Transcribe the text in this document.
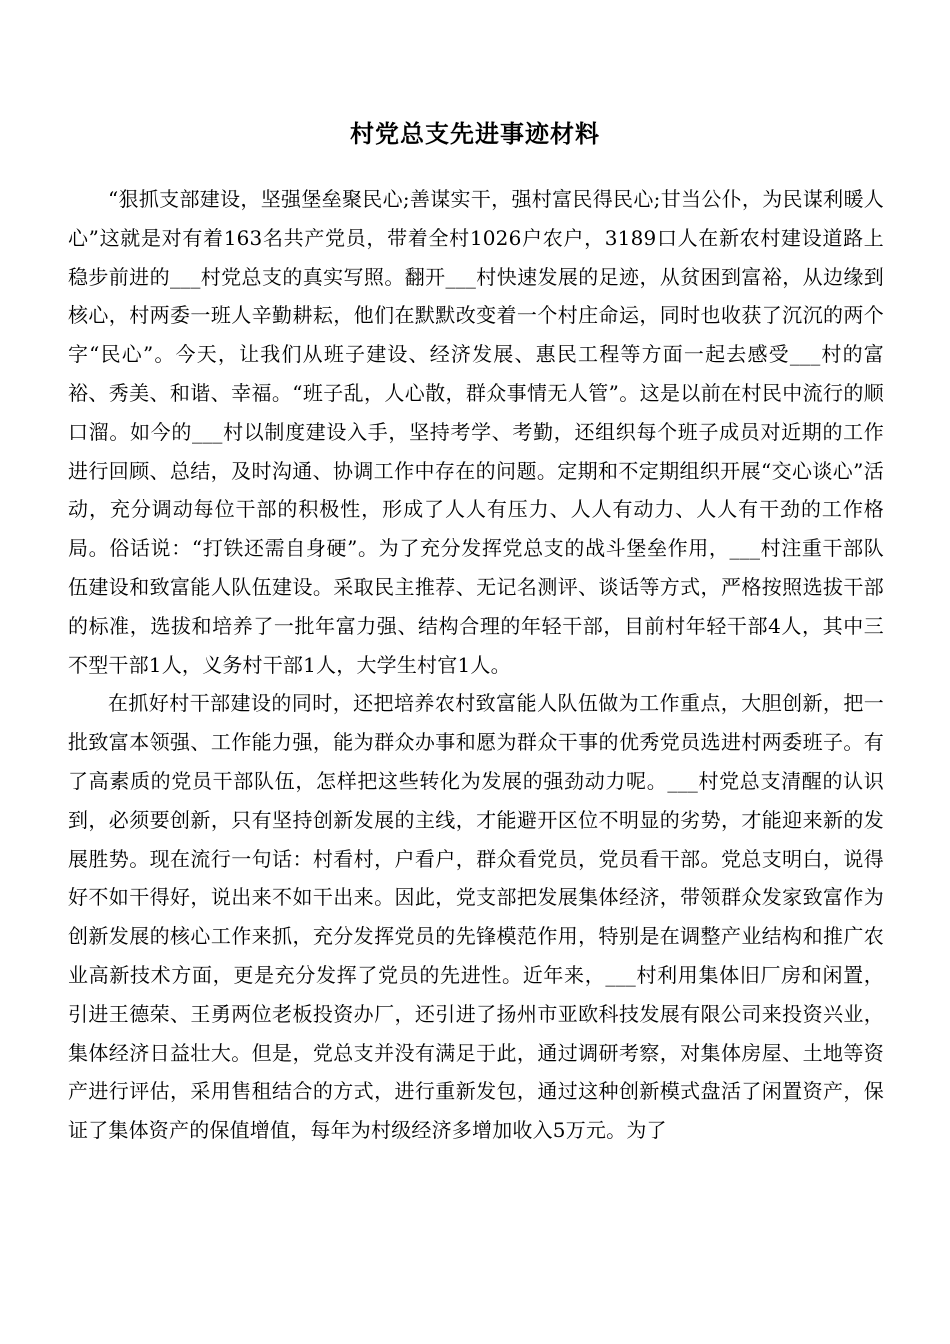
村党总支先进事迹材料

“狠抓支部建设，坚强堡垒聚民心;善谋实干，强村富民得民心;甘当公仆，为民谋利暖人心”这就是对有着163名共产党员，带着全村1026户农户，3189口人在新农村建设道路上稳步前进的___村党总支的真实写照。翻开___村快速发展的足迹，从贫困到富裕，从边缘到核心，村两委一班人辛勤耕耘，他们在默默改变着一个村庄命运，同时也收获了沉沉的两个字“民心”。今天，让我们从班子建设、经济发展、惠民工程等方面一起去感受___村的富裕、秀美、和谐、幸福。“班子乱，人心散，群众事情无人管”。这是以前在村民中流行的顺口溜。如今的___村以制度建设入手，坚持考学、考勤，还组织每个班子成员对近期的工作进行回顾、总结，及时沟通、协调工作中存在的问题。定期和不定期组织开展“交心谈心”活动，充分调动每位干部的积极性，形成了人人有压力、人人有动力、人人有干劲的工作格局。俗话说：“打铁还需自身硬”。为了充分发挥党总支的战斗堡垒作用，___村注重干部队伍建设和致富能人队伍建设。采取民主推荐、无记名测评、谈话等方式，严格按照选拔干部的标准，选拔和培养了一批年富力强、结构合理的年轻干部，目前村年轻干部4人，其中三不型干部1人，义务村干部1人，大学生村官1人。

在抓好村干部建设的同时，还把培养农村致富能人队伍做为工作重点，大胆创新，把一批致富本领强、工作能力强，能为群众办事和愿为群众干事的优秀党员选进村两委班子。有了高素质的党员干部队伍，怎样把这些转化为发展的强劲动力呢。___村党总支清醒的认识到，必须要创新，只有坚持创新发展的主线，才能避开区位不明显的劣势，才能迎来新的发展胜势。现在流行一句话：村看村，户看户，群众看党员，党员看干部。党总支明白，说得好不如干得好，说出来不如干出来。因此，党支部把发展集体经济，带领群众发家致富作为创新发展的核心工作来抓，充分发挥党员的先锋模范作用，特别是在调整产业结构和推广农业高新技术方面，更是充分发挥了党员的先进性。近年来，___村利用集体旧厂房和闲置，引进王德荣、王勇两位老板投资办厂，还引进了扬州市亚欧科技发展有限公司来投资兴业，集体经济日益壮大。但是，党总支并没有满足于此，通过调研考察，对集体房屋、土地等资产进行评估，采用售租结合的方式，进行重新发包，通过这种创新模式盘活了闲置资产，保证了集体资产的保值增值，每年为村级经济多增加收入5万元。为了
